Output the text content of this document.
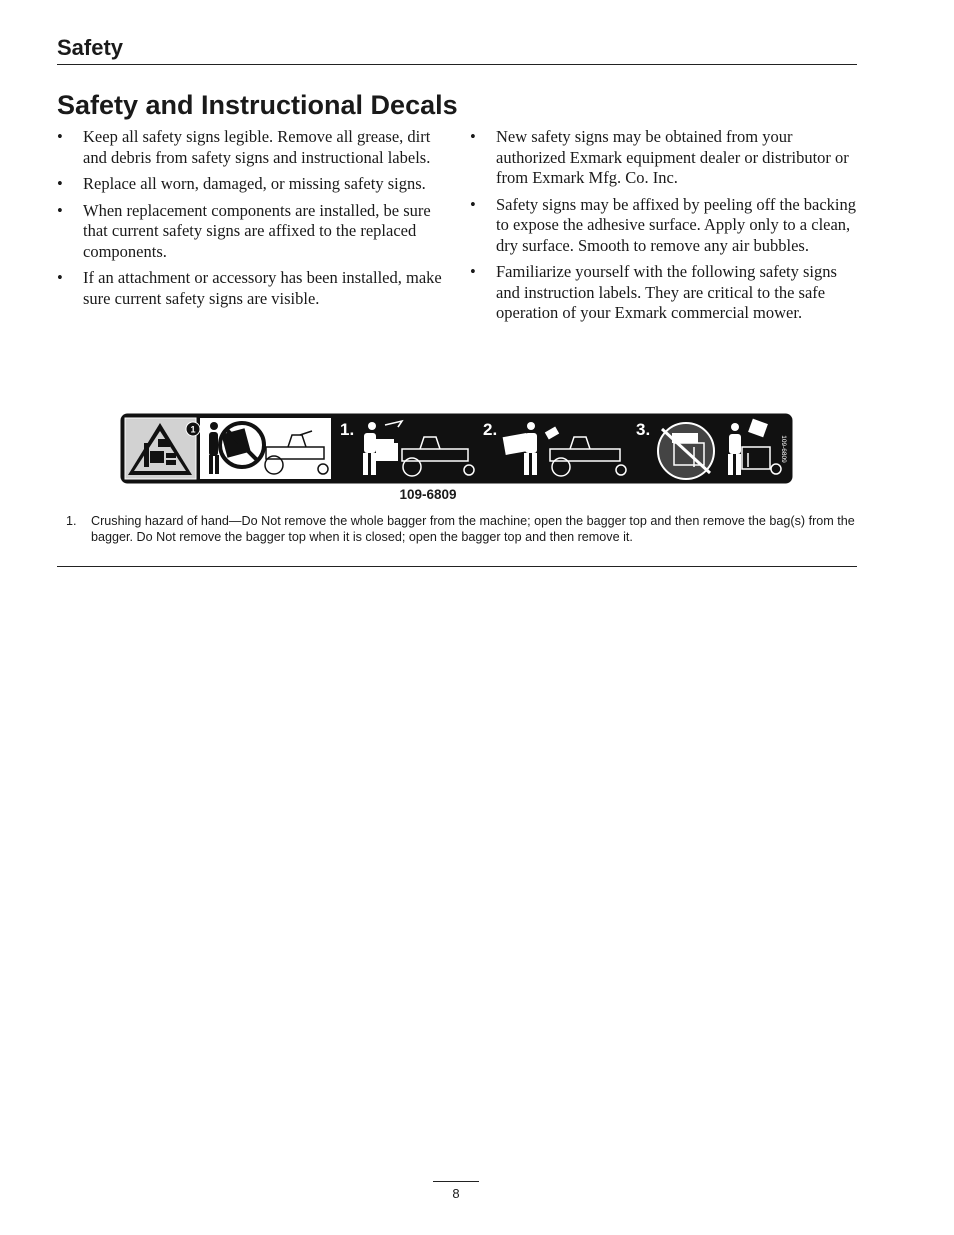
Safety
Safety and Instructional Decals
• Keep all safety signs legible. Remove all grease, dirt and debris from safety signs and instructional labels.
• Replace all worn, damaged, or missing safety signs.
• When replacement components are installed, be sure that current safety signs are affixed to the replaced components.
• If an attachment or accessory has been installed, make sure current safety signs are visible.
• New safety signs may be obtained from your authorized Exmark equipment dealer or distributor or from Exmark Mfg. Co. Inc.
• Safety signs may be affixed by peeling off the backing to expose the adhesive surface. Apply only to a clean, dry surface. Smooth to remove any air bubbles.
• Familiarize yourself with the following safety signs and instruction labels. They are critical to the safe operation of your Exmark commercial mower.
1	1.	2.	3.
109-6809
109-6809
1. Crushing hazard of hand—Do Not remove the whole bagger from the machine; open the bagger top and then remove the bag(s) from the bagger. Do Not remove the bagger top when it is closed; open the bagger top and then remove it.
8
